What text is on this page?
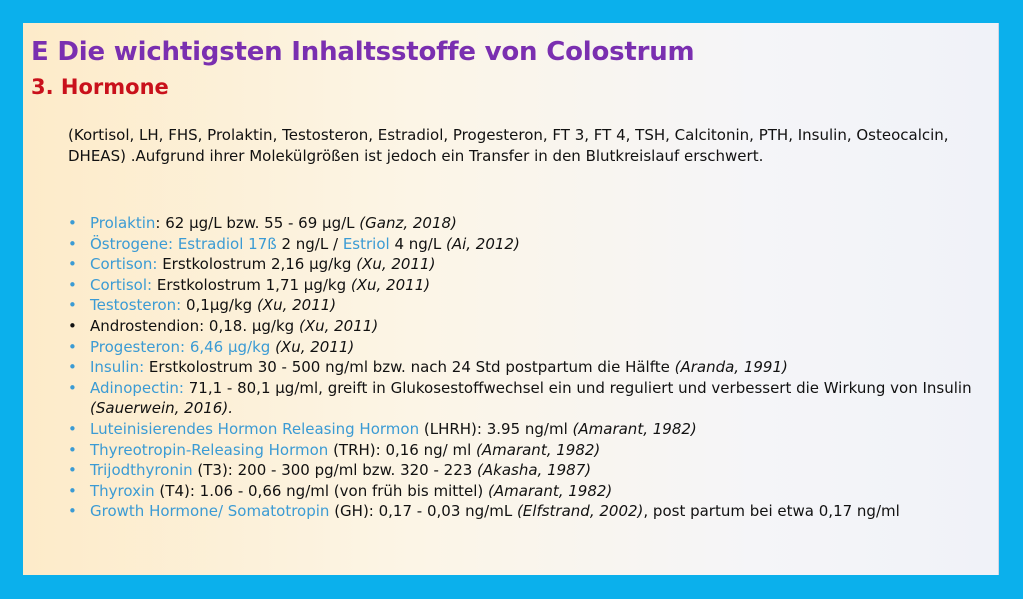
E Die wichtigsten Inhaltsstoffe von Colostrum
3. Hormone

(Kortisol, LH, FHS, Prolaktin, Testosteron, Estradiol, Progesteron, FT 3, FT 4, TSH, Calcitonin, PTH, Insulin, Osteocalcin, DHEAS) .Aufgrund ihrer Molekülgrößen ist jedoch ein Transfer in den Blutkreislauf erschwert.

• Prolaktin: 62 µg/L bzw. 55 - 69 µg/L (Ganz, 2018)
• Östrogene: Estradiol 17ß 2 ng/L / Estriol 4 ng/L (Ai, 2012)
• Cortison: Erstkolostrum 2,16 µg/kg (Xu, 2011)
• Cortisol: Erstkolostrum 1,71 µg/kg (Xu, 2011)
• Testosteron: 0,1µg/kg (Xu, 2011)
• Androstendion: 0,18. µg/kg (Xu, 2011)
• Progesteron: 6,46 µg/kg (Xu, 2011)
• Insulin: Erstkolostrum 30 - 500 ng/ml bzw. nach 24 Std postpartum die Hälfte (Aranda, 1991)
• Adinopectin: 71,1 - 80,1 µg/ml, greift in Glukosestoffwechsel ein und reguliert und verbessert die Wirkung von Insulin (Sauerwein, 2016).
• Luteinisierendes Hormon Releasing Hormon (LHRH): 3.95 ng/ml (Amarant, 1982)
• Thyreotropin-Releasing Hormon (TRH): 0,16 ng/ ml (Amarant, 1982)
• Trijodthyronin (T3): 200 - 300 pg/ml bzw. 320 - 223 (Akasha, 1987)
• Thyroxin (T4): 1.06 - 0,66 ng/ml (von früh bis mittel) (Amarant, 1982)
• Growth Hormone/ Somatotropin (GH): 0,17 - 0,03 ng/mL (Elfstrand, 2002), post partum bei etwa 0,17 ng/ml
